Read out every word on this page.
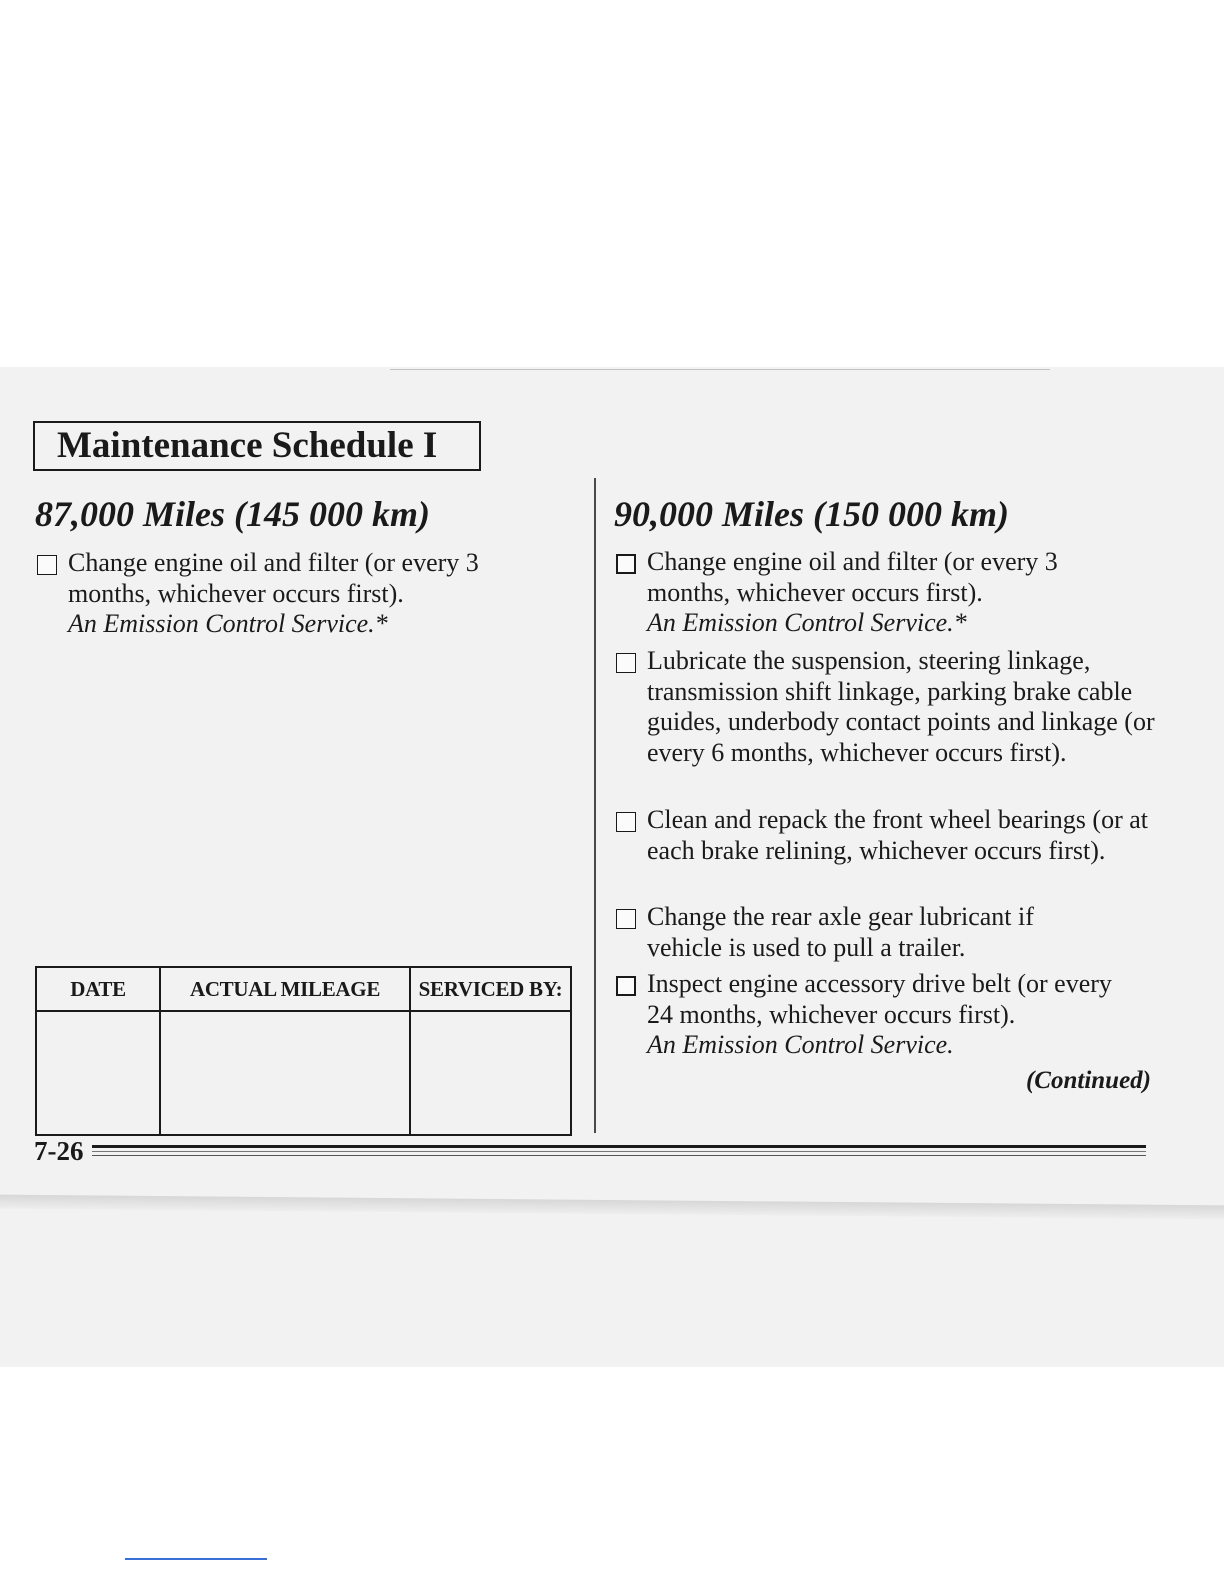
Maintenance Schedule I
87,000 Miles (145 000 km)
Change engine oil and filter (or every 3 months, whichever occurs first).
An Emission Control Service.*
DATE	ACTUAL MILEAGE	SERVICED BY:

90,000 Miles (150 000 km)
Change engine oil and filter (or every 3 months, whichever occurs first).
An Emission Control Service.*
Lubricate the suspension, steering linkage, transmission shift linkage, parking brake cable guides, underbody contact points and linkage (or every 6 months, whichever occurs first).
Clean and repack the front wheel bearings (or at each brake relining, whichever occurs first).
Change the rear axle gear lubricant if vehicle is used to pull a trailer.
Inspect engine accessory drive belt (or every 24 months, whichever occurs first).
An Emission Control Service.
(Continued)
7-26
